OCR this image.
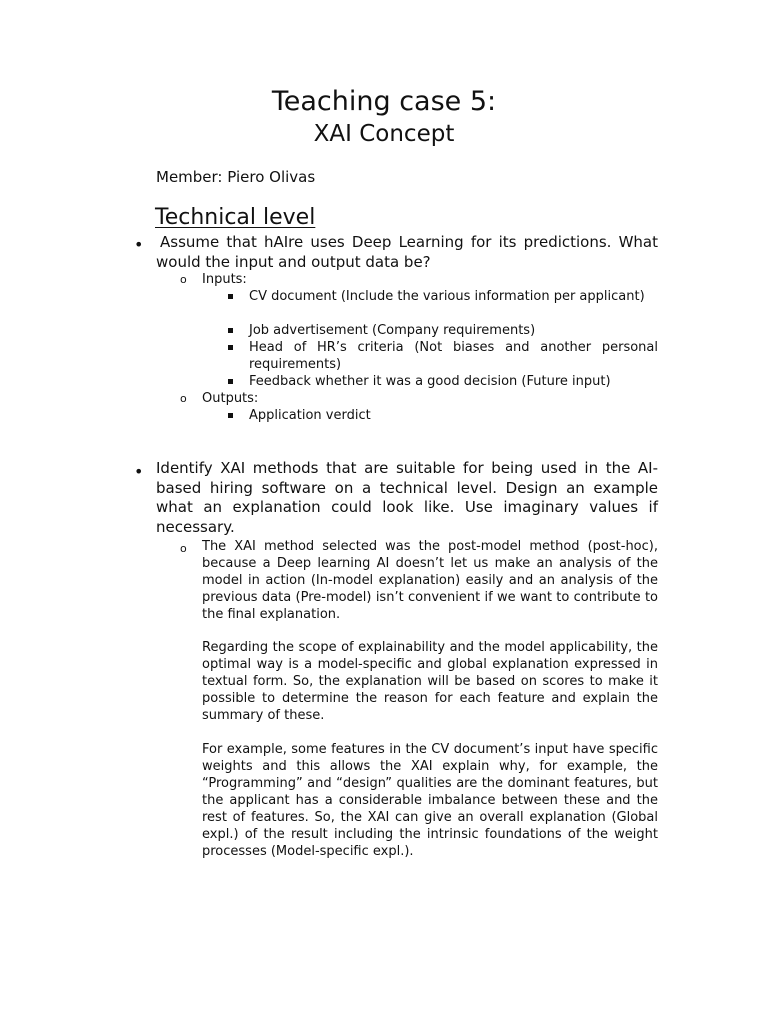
Teaching case 5:
XAI Concept
Member: Piero Olivas
Technical level
• Assume that hAIre uses Deep Learning for its predictions. What would the input and output data be?
o Inputs:
CV document (Include the various information per applicant)
Job advertisement (Company requirements)
Head of HR’s criteria (Not biases and another personal requirements)
Feedback whether it was a good decision (Future input)
o Outputs:
Application verdict
• Identify XAI methods that are suitable for being used in the AI-based hiring software on a technical level. Design an example what an explanation could look like. Use imaginary values if necessary.
o The XAI method selected was the post-model method (post-hoc), because a Deep learning AI doesn’t let us make an analysis of the model in action (In-model explanation) easily and an analysis of the previous data (Pre-model) isn’t convenient if we want to contribute to the final explanation.

Regarding the scope of explainability and the model applicability, the optimal way is a model-specific and global explanation expressed in textual form. So, the explanation will be based on scores to make it possible to determine the reason for each feature and explain the summary of these.

For example, some features in the CV document’s input have specific weights and this allows the XAI explain why, for example, the “Programming” and “design” qualities are the dominant features, but the applicant has a considerable imbalance between these and the rest of features. So, the XAI can give an overall explanation (Global expl.) of the result including the intrinsic foundations of the weight processes (Model-specific expl.).
